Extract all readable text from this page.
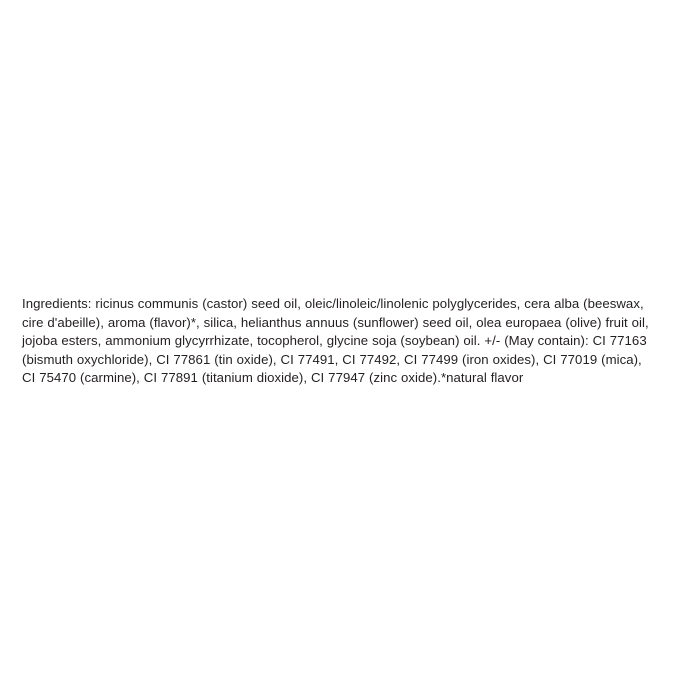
Ingredients: ricinus communis (castor) seed oil, oleic/linoleic/linolenic polyglycerides, cera alba (beeswax, cire d'abeille), aroma (flavor)*, silica, helianthus annuus (sunflower) seed oil, olea europaea (olive) fruit oil, jojoba esters, ammonium glycyrrhizate, tocopherol, glycine soja (soybean) oil. +/- (May contain): CI 77163 (bismuth oxychloride), CI 77861 (tin oxide), CI 77491, CI 77492, CI 77499 (iron oxides), CI 77019 (mica), CI 75470 (carmine), CI 77891 (titanium dioxide), CI 77947 (zinc oxide).*natural flavor
